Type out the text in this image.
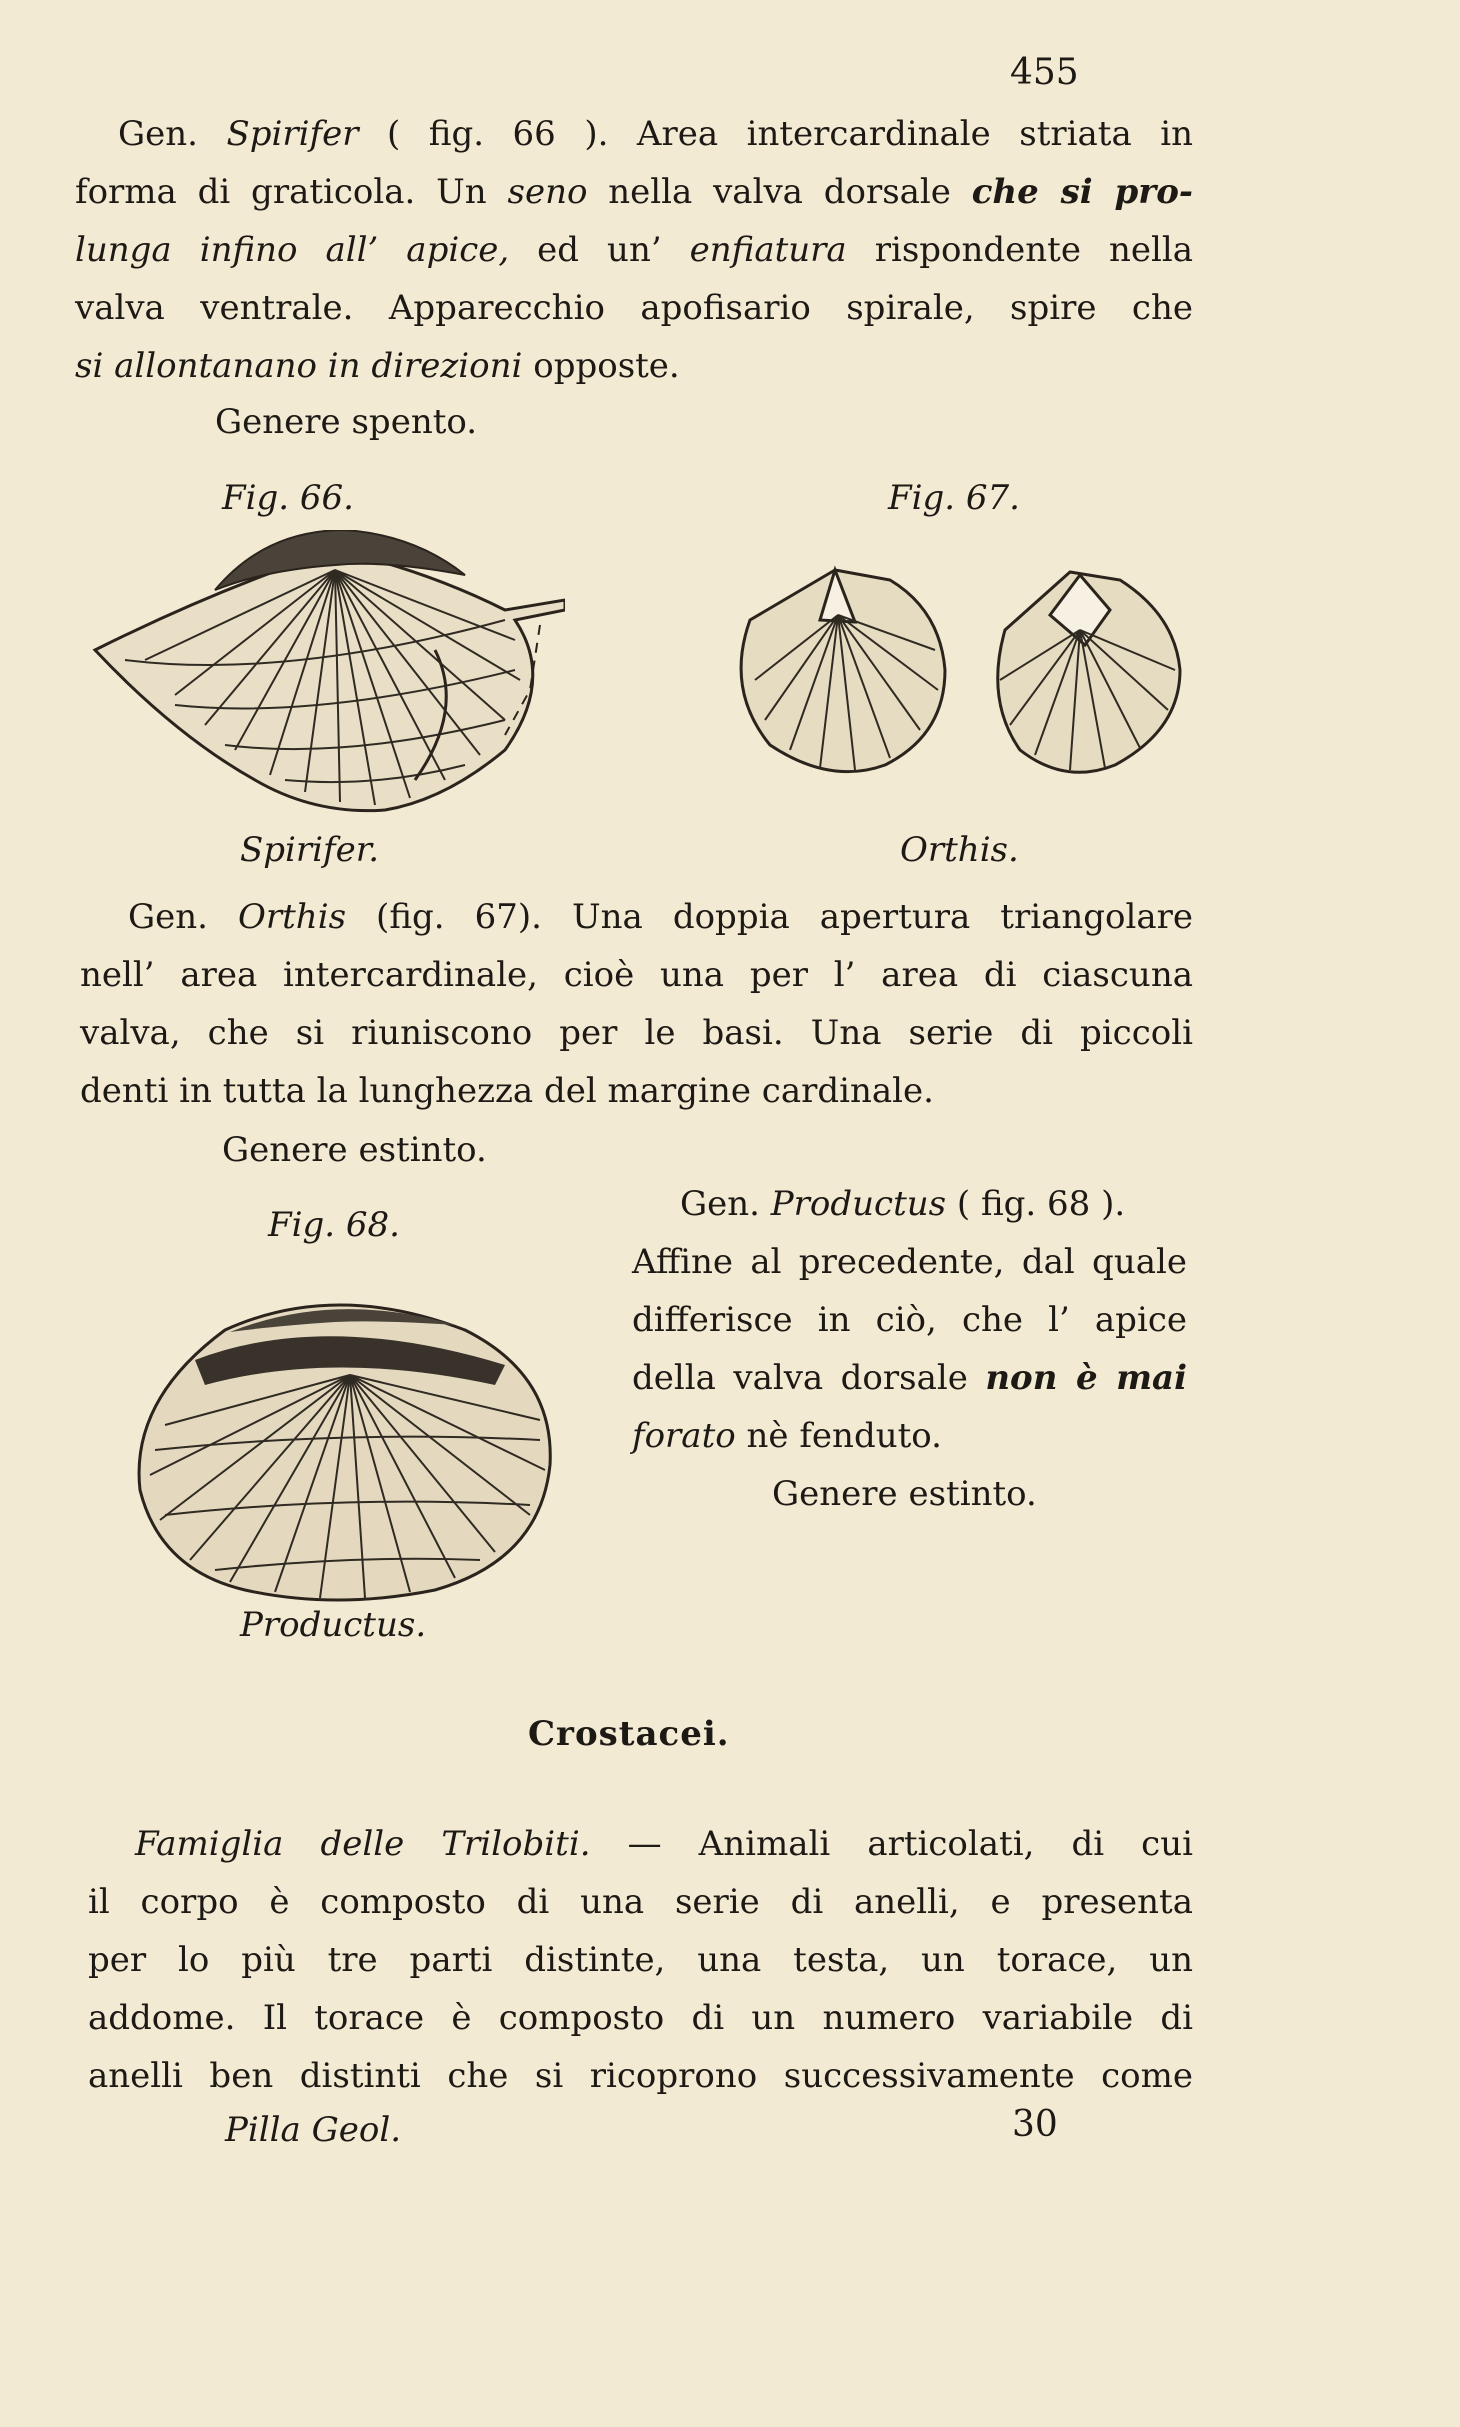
455
Gen. Spirifer ( fig. 66 ). Area intercardinale striata in
forma di graticola. Un seno nella valva dorsale che si pro-
lunga infino all’ apice, ed un’ enfiatura rispondente nella
valva ventrale. Apparecchio apofisario spirale, spire che
si allontanano in direzioni opposte.
Genere spento.
Fig. 66.	Fig. 67.
Spirifer.	Orthis.
Gen. Orthis (fig. 67). Una doppia apertura triangolare
nell’ area intercardinale, cioè una per l’ area di ciascuna
valva, che si riuniscono per le basi. Una serie di piccoli
denti in tutta la lunghezza del margine cardinale.
Genere estinto.
Fig. 68.
Productus.
Gen. Productus ( fig. 68 ).
Affine al precedente, dal quale
differisce in ciò, che l’ apice
della valva dorsale non è mai
forato nè fenduto.
Genere estinto.
Crostacei.
Famiglia delle Trilobiti. — Animali articolati, di cui
il corpo è composto di una serie di anelli, e presenta
per lo più tre parti distinte, una testa, un torace, un
addome. Il torace è composto di un numero variabile di
anelli ben distinti che si ricoprono successivamente come
Pilla Geol.	30
